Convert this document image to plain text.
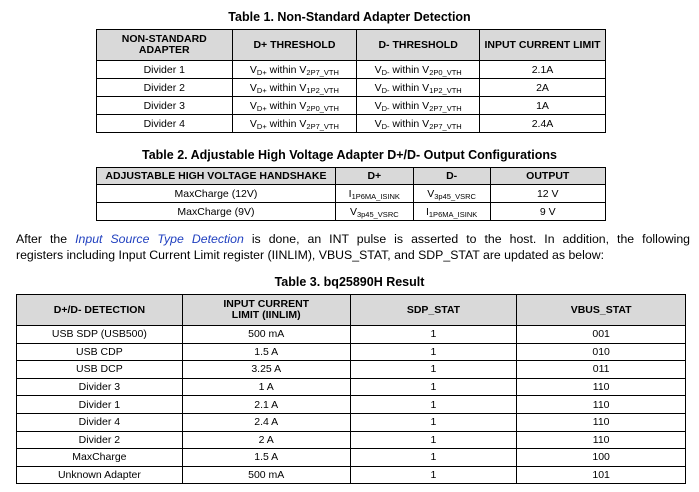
Table 1. Non-Standard Adapter Detection
NON-STANDARD ADAPTER	D+ THRESHOLD	D- THRESHOLD	INPUT CURRENT LIMIT
Divider 1	$V_{D+}$ within $V_{2P7\_VTH}$	$V_{D-}$ within $V_{2P0\_VTH}$	2.1A
Divider 2	$V_{D+}$ within $V_{1P2\_VTH}$	$V_{D-}$ within $V_{1P2\_VTH}$	2A
Divider 3	$V_{D+}$ within $V_{2P0\_VTH}$	$V_{D-}$ within $V_{2P7\_VTH}$	1A
Divider 4	$V_{D+}$ within $V_{2P7\_VTH}$	$V_{D-}$ within $V_{2P7\_VTH}$	2.4A
Table 2. Adjustable High Voltage Adapter D+/D- Output Configurations
ADJUSTABLE HIGH VOLTAGE HANDSHAKE	D+	D-	OUTPUT
MaxCharge (12V)	$I_{1P6MA\_ISINK}$	$V_{3p45\_VSRC}$	12 V
MaxCharge (9V)	$V_{3p45\_VSRC}$	$I_{1P6MA\_ISINK}$	9 V
After the Input Source Type Detection is done, an INT pulse is asserted to the host. In addition, the following
registers including Input Current Limit register (IINLIM), VBUS_STAT, and SDP_STAT are updated as below:
Table 3. bq25890H Result
D+/D- DETECTION	INPUT CURRENT LIMIT (IINLIM)	SDP_STAT	VBUS_STAT
USB SDP (USB500)	500 mA	1	001
USB CDP	1.5 A	1	010
USB DCP	3.25 A	1	011
Divider 3	1 A	1	110
Divider 1	2.1 A	1	110
Divider 4	2.4 A	1	110
Divider 2	2 A	1	110
MaxCharge	1.5 A	1	100
Unknown Adapter	500 mA	1	101
